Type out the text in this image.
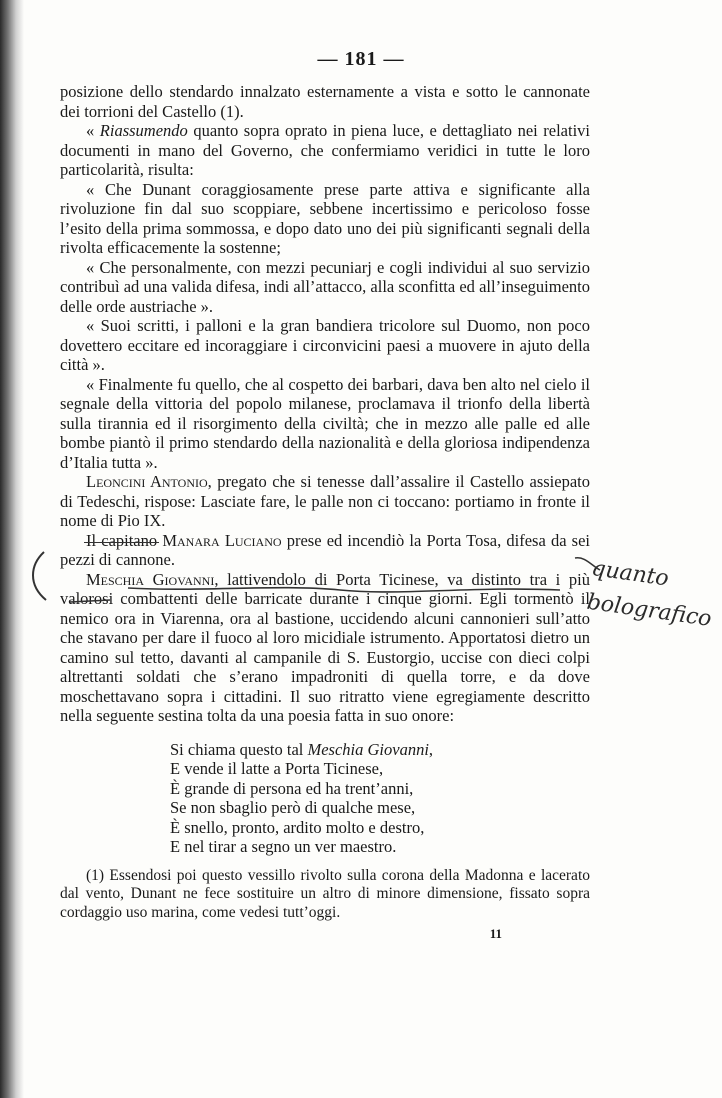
— 181 —

posizione dello stendardo innalzato esternamente a vista e sotto le cannonate dei torrioni del Castello (1).

« Riassumendo quanto sopra oprato in piena luce, e dettagliato nei relativi documenti in mano del Governo, che confermiamo veridici in tutte le loro particolarità, risulta:

« Che Dunant coraggiosamente prese parte attiva e significante alla rivoluzione fin dal suo scoppiare, sebbene incertissimo e pericoloso fosse l’esito della prima sommossa, e dopo dato uno dei più significanti segnali della rivolta efficacemente la sostenne;

« Che personalmente, con mezzi pecuniarj e cogli individui al suo servizio contribuì ad una valida difesa, indi all’attacco, alla sconfitta ed all’inseguimento delle orde austriache ».

« Suoi scritti, i palloni e la gran bandiera tricolore sul Duomo, non poco dovettero eccitare ed incoraggiare i circonvicini paesi a muovere in ajuto della città ».

« Finalmente fu quello, che al cospetto dei barbari, dava ben alto nel cielo il segnale della vittoria del popolo milanese, proclamava il trionfo della libertà sulla tirannia ed il risorgimento della civiltà; che in mezzo alle palle ed alle bombe piantò il primo stendardo della nazionalità e della gloriosa indipendenza d’Italia tutta ».

Leoncini Antonio, pregato che si tenesse dall’assalire il Castello assiepato di Tedeschi, rispose: Lasciate fare, le palle non ci toccano: portiamo in fronte il nome di Pio IX.

Il capitano Manara Luciano prese ed incendiò la Porta Tosa, difesa da sei pezzi di cannone.

Meschia Giovanni, lattivendolo di Porta Ticinese, va distinto tra i più valorosi combattenti delle barricate durante i cinque giorni. Egli tormentò il nemico ora in Viarenna, ora al bastione, uccidendo alcuni cannonieri sull’atto che stavano per dare il fuoco al loro micidiale istrumento. Apportatosi dietro un camino sul tetto, davanti al campanile di S. Eustorgio, uccise con dieci colpi altrettanti soldati che s’erano impadroniti di quella torre, e da dove moschettavano sopra i cittadini. Il suo ritratto viene egregiamente descritto nella seguente sestina tolta da una poesia fatta in suo onore:

Si chiama questo tal Meschia Giovanni,
E vende il latte a Porta Ticinese,
È grande di persona ed ha trent’anni,
Se non sbaglio però di qualche mese,
È snello, pronto, ardito molto e destro,
E nel tirar a segno un ver maestro.

(1) Essendosi poi questo vessillo rivolto sulla corona della Madonna e lacerato dal vento, Dunant ne fece sostituire un altro di minore dimensione, fissato sopra cordaggio uso marina, come vedesi tutt’oggi.

11
quanto
bolografico
